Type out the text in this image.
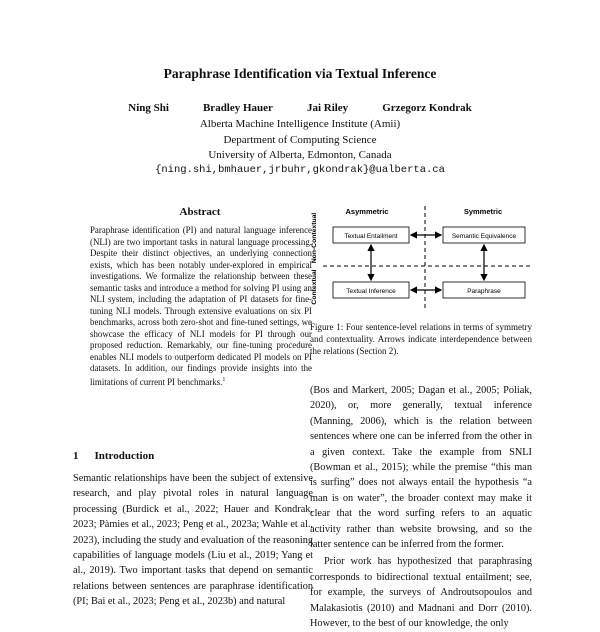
Paraphrase Identification via Textual Inference
Ning Shi	Bradley Hauer	Jai Riley	Grzegorz Kondrak
Alberta Machine Intelligence Institute (Amii)
Department of Computing Science
University of Alberta, Edmonton, Canada
{ning.shi,bmhauer,jrbuhr,gkondrak}@ualberta.ca
Abstract
Paraphrase identification (PI) and natural language inference (NLI) are two important tasks in natural language processing. Despite their distinct objectives, an underlying connection exists, which has been notably under-explored in empirical investigations. We formalize the relationship between these semantic tasks and introduce a method for solving PI using an NLI system, including the adaptation of PI datasets for fine-tuning NLI models. Through extensive evaluations on six PI benchmarks, across both zero-shot and fine-tuned settings, we showcase the efficacy of NLI models for PI through our proposed reduction. Remarkably, our fine-tuning procedure enables NLI models to outperform dedicated PI models on PI datasets. In addition, our findings provide insights into the limitations of current PI benchmarks.$^1$
1 Introduction
Semantic relationships have been the subject of extensive research, and play pivotal roles in natural language processing (Burdick et al., 2022; Hauer and Kondrak, 2023; Pàmies et al., 2023; Peng et al., 2023a; Wahle et al., 2023), including the study and evaluation of the reasoning capabilities of language models (Liu et al., 2019; Yang et al., 2019). Two important tasks that depend on semantic relations between sentences are paraphrase identification (PI; Bai et al., 2023; Peng et al., 2023b) and natural
Asymmetric	Symmetric
Non-Contextual
Contextual
Textual Entailment	Semantic Equivalence
Textual Inference	Paraphrase
Figure 1: Four sentence-level relations in terms of symmetry and contextuality. Arrows indicate interdependence between the relations (Section 2).

(Bos and Markert, 2005; Dagan et al., 2005; Poliak, 2020), or, more generally, textual inference (Manning, 2006), which is the relation between sentences where one can be inferred from the other in a given context. Take the example from SNLI (Bowman et al., 2015); while the premise “this man is surfing” does not always entail the hypothesis “a man is on water”, the broader context may make it clear that the word surfing refers to an aquatic activity rather than website browsing, and so the latter sentence can be inferred from the former.

Prior work has hypothesized that paraphrasing corresponds to bidirectional textual entailment; see, for example, the surveys of Androutsopoulos and Malakasiotis (2010) and Madnani and Dorr (2010). However, to the best of our knowledge, the only
